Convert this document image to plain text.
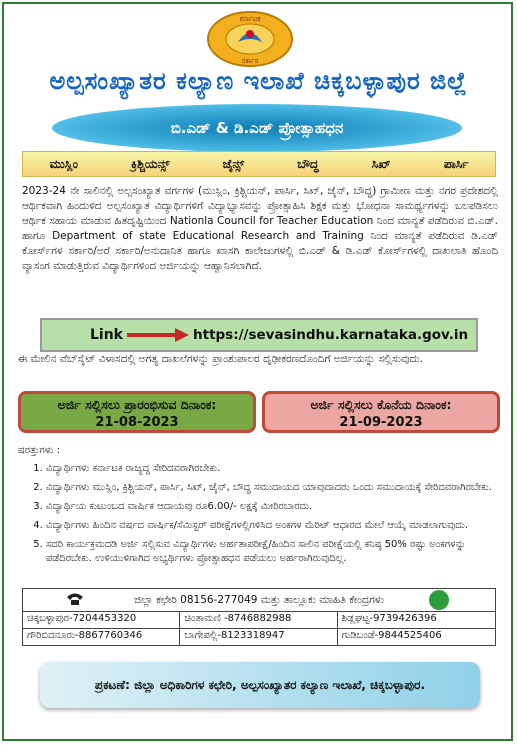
ಕರ್ನಾಟಕ
ಸರ್ಕಾರ
ಅಲ್ಪಸಂಖ್ಯಾತರ ಕಲ್ಯಾಣ ಇಲಾಖೆ ಚಿಕ್ಕಬಳ್ಳಾಪುರ ಜಿಲ್ಲೆ
ಬಿ.ಎಡ್ & ಡಿ.ಎಡ್ ಪ್ರೋತ್ಸಾಹಧನ
ಮುಸ್ಲಿಂ	ಕ್ರಿಶ್ಚಿಯನ್ಸ್	ಜೈನ್ಸ್	ಬೌದ್ಧ	ಸಿಖ್	ಪಾರ್ಸಿ
2023-24 ನೇ ಸಾಲಿನಲ್ಲಿ ಅಲ್ಪಸಂಖ್ಯಾತ ವರ್ಗಗಳ (ಮುಸ್ಲಿಂ, ಕ್ರಿಶ್ಚಿಯನ್, ಪಾರ್ಸಿ, ಸಿಖ್, ಜೈನ್, ಬೌದ್ಧ) ಗ್ರಾಮೀಣ ಮತ್ತು ನಗರ ಪ್ರದೇಶದಲ್ಲಿ ಆರ್ಥಿಕವಾಗಿ ಹಿಂದುಳಿದ ಅಲ್ಪಸಂಖ್ಯಾತ ವಿದ್ಯಾರ್ಥಿಗಳಿಗೆ ವಿದ್ಯಾಭ್ಯಾಸವನ್ನು ಪ್ರೋತ್ಸಾಹಿಸಿ ಶಿಕ್ಷಕ ಮತ್ತು ಭೋಧನಾ ಸಾಮರ್ಥ್ಯಗಳನ್ನು ಬಲಪಡಿಸಲು ಆರ್ಥಿಕ ಸಹಾಯ ಮಾಡುವ ಹಿತದೃಷ್ಟಿಯಿಂದ Nationla Council for Teacher Education ನಿಂದ ಮಾನ್ಯತೆ ಪಡೆದಿರುವ ಬಿ.ಎಡ್. ಹಾಗೂ Department of state Educational Research and Training ನಿಂದ ಮಾನ್ಯತೆ ಪಡೆದಿರುವ ಡಿ.ಎಡ್ ಕೋರ್ಸ್‌ಗಳ ಸರ್ಕಾರಿ/ಅರೆ ಸರ್ಕಾರಿ/ಅನುದಾನಿತ ಹಾಗೂ ಖಾಸಗಿ ಕಾಲೇಜುಗಳಲ್ಲಿ ಬಿ.ಎಡ್ & ಡಿ.ಎಡ್ ಕೋರ್ಸ್‌ಗಳಲ್ಲಿ ದಾಖಲಾತಿ ಹೊಂದಿ ವ್ಯಾಸಂಗ ಮಾಡುತ್ತಿರುವ ವಿದ್ಯಾರ್ಥಿಗಳಿಂದ ಅರ್ಜಿಯನ್ನು ಆಹ್ವಾನಿಸಲಾಗಿದೆ.
Link	https://sevasindhu.karnataka.gov.in
ಈ ಮೇಲಿನ ವೆಬ್‌ಸೈಟ್ ವಿಳಾಸದಲ್ಲಿ ಅಗತ್ಯ ದಾಖಲೆಗಳನ್ನು ಪ್ರಾಂಶುಪಾಲರ ದೃಢೀಕರಣದೊಂದಿಗೆ ಅರ್ಜಿಯನ್ನು ಸಲ್ಲಿಸುವುದು.
ಅರ್ಜಿ ಸಲ್ಲಿಸಲು ಪ್ರಾರಂಭಿಸುವ ದಿನಾಂಕ:
21-08-2023
ಅರ್ಜಿ ಸಲ್ಲಿಸಲು ಕೊನೆಯ ದಿನಾಂಕ:
21-09-2023
ಷರತ್ತುಗಳು :
1. ವಿದ್ಯಾರ್ಥಿಗಳು ಕರ್ನಾಟಕ ರಾಜ್ಯದ್ದ ಸೇರಿದವರಾಗಿರಬೇಕು.
2. ವಿದ್ಯಾರ್ಥಿಗಳು ಮುಸ್ಲಿಂ, ಕ್ರಿಶ್ಚಿಯನ್, ಪಾರ್ಸಿ, ಸಿಖ್, ಜೈನ್, ಬೌದ್ಧ ಸಮುದಾಯದ ಯಾವುದಾದರು ಒಂದು ಸಮುದಾಯಕ್ಕೆ ಸೇರಿದವರಾಗಿರಬೇಕು.
3. ವಿದ್ಯಾರ್ಥಿಯ ಕುಟುಂಬದ ವಾರ್ಷಿಕ ಆದಾಯವು ರೂ6.00/- ಲಕ್ಷಕ್ಕೆ ಮೀರಿರಬಾರದು.
4. ವಿದ್ಯಾರ್ಥಿಗಳು ಹಿಂದಿನ ವರ್ಷದ ವಾರ್ಷಿಕ/ಸೆಮಿಸ್ಟರ್ ಪರೀಕ್ಷೆಗಳಲ್ಲಿಗಳಿಸಿದ ಅಂಕಗಳ ಮೆರಿಟ್ ಆಧಾರದ ಮೇಲೆ ಆಯ್ಕೆ ಮಾಡಲಾಗುವುದು.
5. ಸದರಿ ಕಾರ್ಯಕ್ರಮದಡಿ ಅರ್ಜಿ ಸಲ್ಲಿಸುವ ವಿದ್ಯಾರ್ಥಿಗಳು ಅರ್ಹತಾಪರೀಕ್ಷೆ/ಹಿಂದಿನ ಸಾಲಿನ ಪರೀಕ್ಷೆಯಲ್ಲಿ ಕನಿಷ್ಠ 50% ರಷ್ಟು ಅಂಕಗಳನ್ನು ಪಡೆದಿರಬೇಕು. ಉಳಿಯುಳಿಗಾಗಿದ ಅಭ್ಯರ್ಥಿಗಳು ಪ್ರೋತ್ಸಾಹಧನ ಪಡೆಯಲು ಅರ್ಹರಾಗಿರುವುದಿಲ್ಲ.
ಜಿಲ್ಲಾ ಕಛೇರಿ 08156-277049 ಮತ್ತು ತಾಲ್ಲೂಕು ಮಾಹಿತಿ ಕೇಂದ್ರಗಳು
ಚಿಕ್ಕಬಳ್ಳಾಪುರ-7204453320	ಚಿಂತಾಮಣಿ -8746882988	ಶಿಡ್ಲಘಟ್ಟ-9739426396
ಗೌರಿಬಿದನೂರು-8867760346	ಬಾಗೇಪಲ್ಲಿ-8123318947	ಗುಡಿಬಂಡೆ-9844525406
ಪ್ರಕಟಣೆ: ಜಿಲ್ಲಾ ಅಧಿಕಾರಿಗಳ ಕಛೇರಿ, ಅಲ್ಪಸಂಖ್ಯಾತರ ಕಲ್ಯಾಣ ಇಲಾಖೆ, ಚಿಕ್ಕಬಳ್ಳಾಪುರ.
